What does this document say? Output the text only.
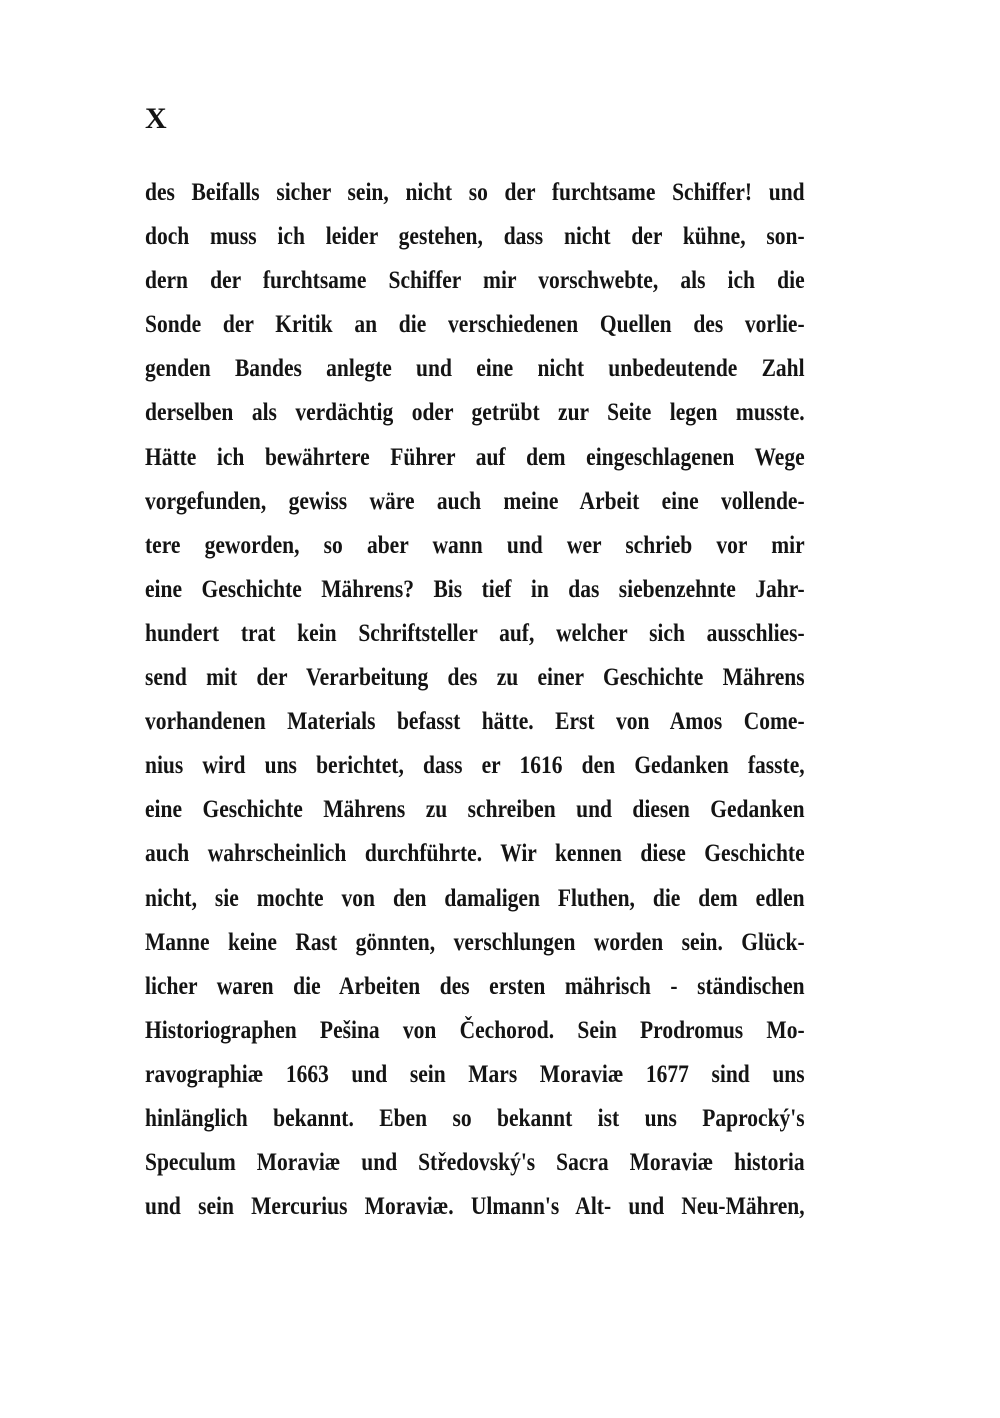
X
des Beifalls sicher sein, nicht so der furchtsame Schiffer! und
doch muss ich leider gestehen, dass nicht der kühne, son-
dern der furchtsame Schiffer mir vorschwebte, als ich die
Sonde der Kritik an die verschiedenen Quellen des vorlie-
genden Bandes anlegte und eine nicht unbedeutende Zahl
derselben als verdächtig oder getrübt zur Seite legen musste.
Hätte ich bewährtere Führer auf dem eingeschlagenen Wege
vorgefunden, gewiss wäre auch meine Arbeit eine vollende-
tere geworden, so aber wann und wer schrieb vor mir
eine Geschichte Mährens? Bis tief in das siebenzehnte Jahr-
hundert trat kein Schriftsteller auf, welcher sich ausschlies-
send mit der Verarbeitung des zu einer Geschichte Mährens
vorhandenen Materials befasst hätte. Erst von Amos Come-
nius wird uns berichtet, dass er 1616 den Gedanken fasste,
eine Geschichte Mährens zu schreiben und diesen Gedanken
auch wahrscheinlich durchführte. Wir kennen diese Geschichte
nicht, sie mochte von den damaligen Fluthen, die dem edlen
Manne keine Rast gönnten, verschlungen worden sein. Glück-
licher waren die Arbeiten des ersten mährisch - ständischen
Historiographen Pešina von Čechorod. Sein Prodromus Mo-
ravographiæ 1663 und sein Mars Moraviæ 1677 sind uns
hinlänglich bekannt. Eben so bekannt ist uns Paprocký's
Speculum Moraviæ und Středovský's Sacra Moraviæ historia
und sein Mercurius Moraviæ. Ulmann's Alt- und Neu-Mähren,
